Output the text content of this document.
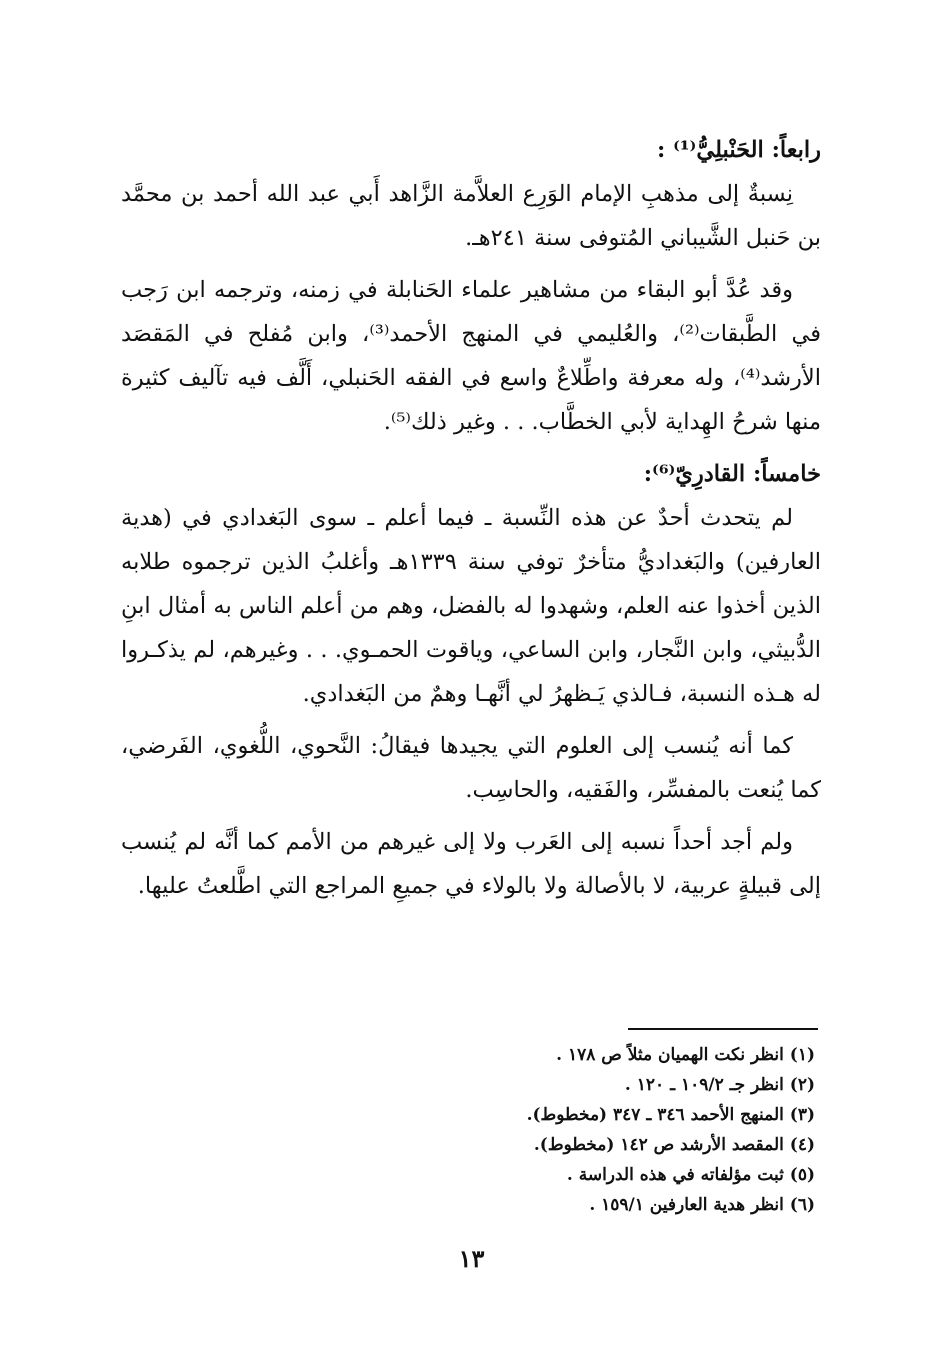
رابعاً: الحَنْبلِيُّ⁽¹⁾ :

نِسبةٌ إلى مذهبِ الإمام الوَرِع العلاَّمة الزَّاهد أَبي عبد الله أحمد بن محمَّد بن حَنبل الشَّيباني المُتوفى سنة ٢٤١هـ.

وقد عُدَّ أبو البقاء من مشاهير علماء الحَنابلة في زمنه، وترجمه ابن رَجب في الطَّبقات⁽²⁾، والعُليمي في المنهج الأحمد⁽³⁾، وابن مُفلح في المَقصَد الأرشد⁽⁴⁾، وله معرفة واطِّلاعٌ واسع في الفقه الحَنبلي، أَلَّف فيه تآليف كثيرة منها شرحُ الهِداية لأبي الخطَّاب. . . وغير ذلك⁽⁵⁾.

خامساً: القادرِيّ⁽⁶⁾:

لم يتحدث أحدٌ عن هذه النِّسبة ـ فيما أعلم ـ سوى البَغدادي في (هدية العارفين) والبَغداديُّ متأخرٌ توفي سنة ١٣٣٩هـ وأغلبُ الذين ترجموه طلابه الذين أخذوا عنه العلم، وشهدوا له بالفضل، وهم من أعلم الناس به أمثال ابنِ الدُّبيثي، وابن النَّجار، وابن الساعي، وياقوت الحمـوي. . . وغيرهم، لم يذكـروا له هـذه النسبة، فـالذي يَـظهرُ لي أنَّهـا وهمٌ من البَغدادي.

كما أنه يُنسب إلى العلوم التي يجيدها فيقالُ: النَّحوي، اللُّغوي، الفَرضي، كما يُنعت بالمفسِّر، والفَقيه، والحاسِب.

ولم أجد أحداً نسبه إلى العَرب ولا إلى غيرهم من الأمم كما أنَّه لم يُنسب إلى قبيلةٍ عربية، لا بالأصالة ولا بالولاء في جميعِ المراجع التي اطَّلعتُ عليها.

(١) انظر نكت الهميان مثلاً ص ١٧٨ .

(٢) انظر جـ ١٠٩/٢ ـ ١٢٠ .

(٣) المنهج الأحمد ٣٤٦ ـ ٣٤٧ (مخطوط).

(٤) المقصد الأرشد ص ١٤٢ (مخطوط).

(٥) ثبت مؤلفاته في هذه الدراسة .

(٦) انظر هدية العارفين ١٥٩/١ .

١٣
